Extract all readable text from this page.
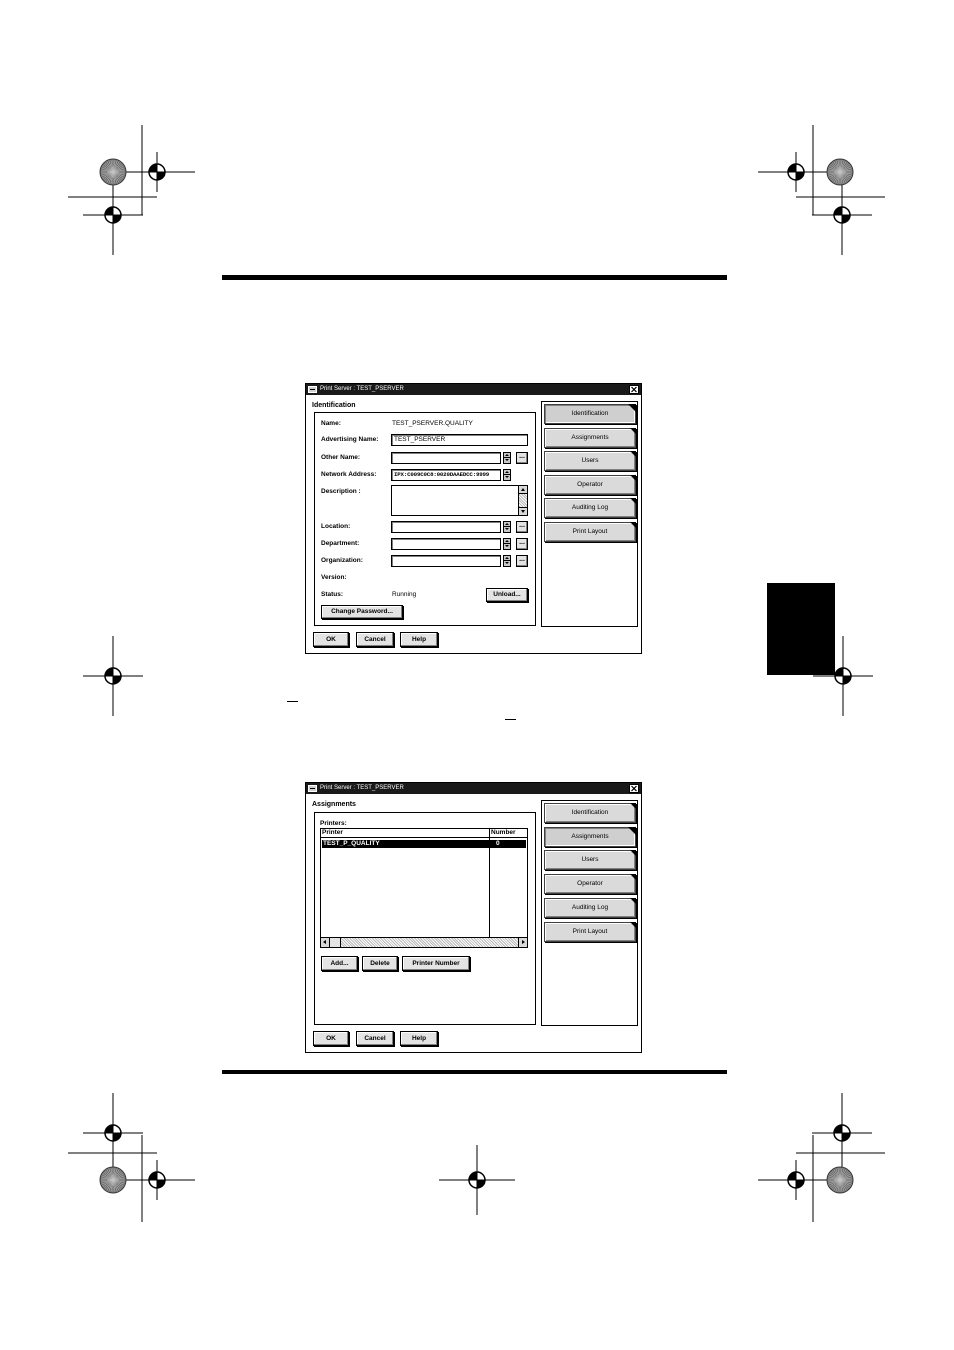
Print Server : TEST_PSERVER
Identification
Name:	TEST_PSERVER.QUALITY
Advertising Name:	TEST_PSERVER
Other Name:	...
Network Address:	IPX:C009C0C8:0020DAAEDCC:9999
Description :
Location:	...
Department:	...
Organization:	...
Version:
Status:	Running	Unload...
Change Password...
Identification
Assignments
Users
Operator
Auditing Log
Print Layout
OK	Cancel	Help
Print Server : TEST_PSERVER
Assignments
Printers:
Printer	Number
TEST_P_QUALITY	0
Add...	Delete	Printer Number
Identification
Assignments
Users
Operator
Auditing Log
Print Layout
OK	Cancel	Help
